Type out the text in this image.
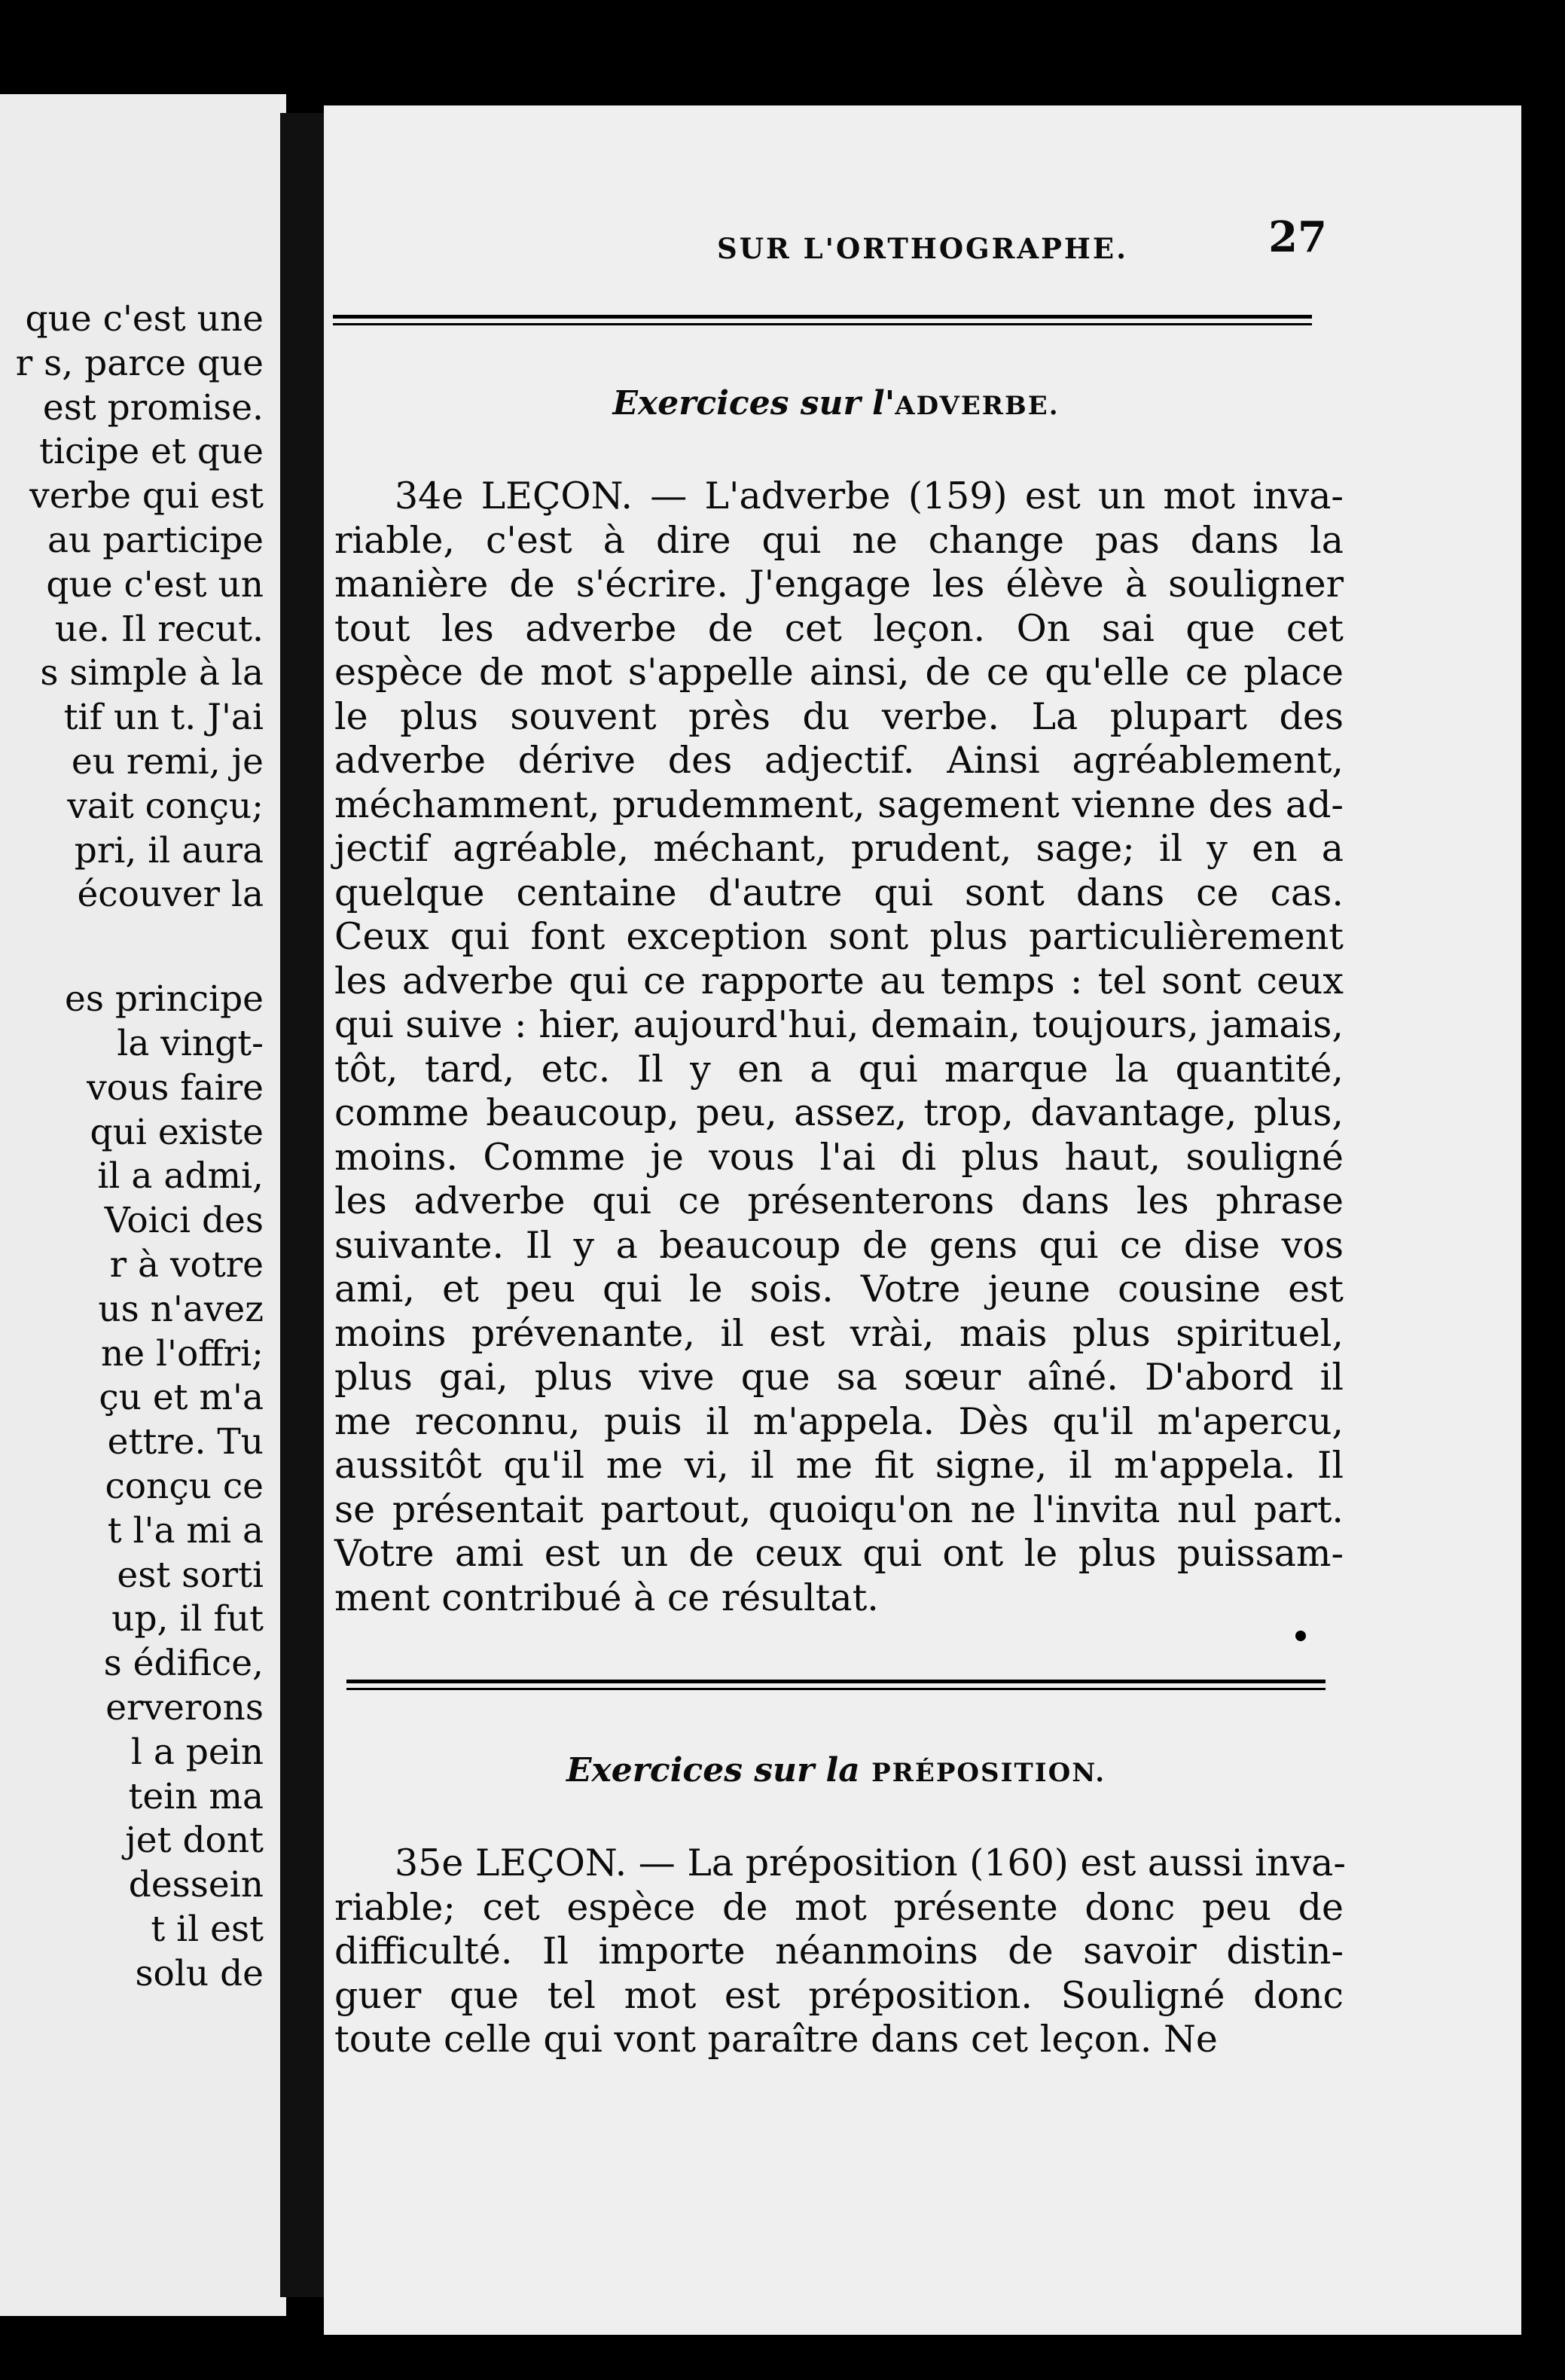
que c'est une
r s, parce que
est promise.
ticipe et que
verbe qui est
au participe
que c'est un
ue. Il recut.
s simple à la
tif un t. J'ai
eu remi, je
vait conçu;
pri, il aura
écouver la
es principe
la vingt-
vous faire
qui existe
il a admi,
Voici des
r à votre
us n'avez
ne l'offri;
çu et m'a
ettre. Tu
conçu ce
t l'a mi a
est sorti
up, il fut
s édifice,
erverons
l a pein
tein ma
jet dont
dessein
t il est
solu de
SUR L'ORTHOGRAPHE.	27
Exercices sur l'ADVERBE.
34e LEÇON. — L'adverbe (159) est un mot inva-
riable, c'est à dire qui ne change pas dans la
manière de s'écrire. J'engage les élève à souligner
tout les adverbe de cet leçon. On sai que cet
espèce de mot s'appelle ainsi, de ce qu'elle ce place
le plus souvent près du verbe. La plupart des
adverbe dérive des adjectif. Ainsi agréablement,
méchamment, prudemment, sagement vienne des ad-
jectif agréable, méchant, prudent, sage; il y en a
quelque centaine d'autre qui sont dans ce cas.
Ceux qui font exception sont plus particulièrement
les adverbe qui ce rapporte au temps : tel sont ceux
qui suive : hier, aujourd'hui, demain, toujours, jamais,
tôt, tard, etc. Il y en a qui marque la quantité,
comme beaucoup, peu, assez, trop, davantage, plus,
moins. Comme je vous l'ai di plus haut, souligné
les adverbe qui ce présenterons dans les phrase
suivante. Il y a beaucoup de gens qui ce dise vos
ami, et peu qui le sois. Votre jeune cousine est
moins prévenante, il est vrài, mais plus spirituel,
plus gai, plus vive que sa sœur aîné. D'abord il
me reconnu, puis il m'appela. Dès qu'il m'apercu,
aussitôt qu'il me vi, il me fit signe, il m'appela. Il
se présentait partout, quoiqu'on ne l'invita nul part.
Votre ami est un de ceux qui ont le plus puissam-
ment contribué à ce résultat.
Exercices sur la PRÉPOSITION.
35e LEÇON. — La préposition (160) est aussi inva-
riable; cet espèce de mot présente donc peu de
difficulté. Il importe néanmoins de savoir distin-
guer que tel mot est préposition. Souligné donc
toute celle qui vont paraître dans cet leçon. Ne
